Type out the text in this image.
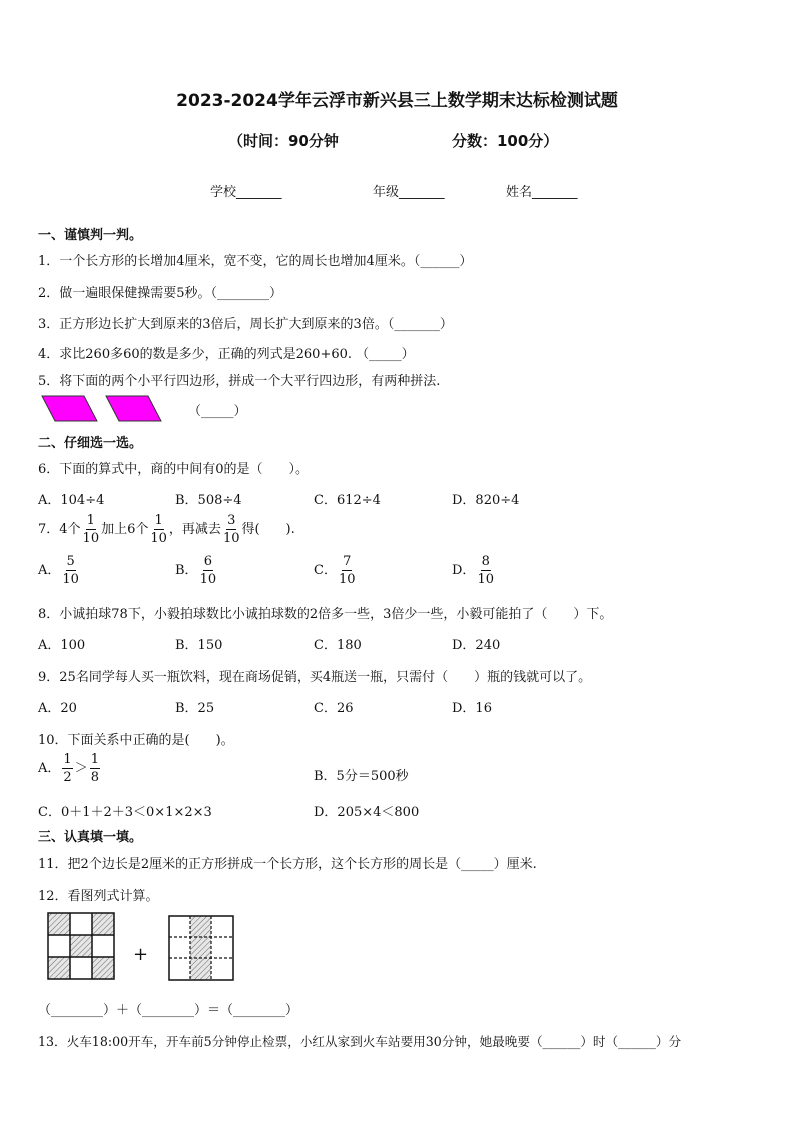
2023-2024学年云浮市新兴县三上数学期末达标检测试题
（时间：90分钟	分数：100分）
学校_______	年级_______	姓名_______
一、谨慎判一判。
1．一个长方形的长增加4厘米，宽不变，它的周长也增加4厘米。（______）
2．做一遍眼保健操需要5秒。（________）
3．正方形边长扩大到原来的3倍后，周长扩大到原来的3倍。（_______）
4．求比260多60的数是多少，正确的列式是260+60. （_____）
5．将下面的两个小平行四边形，拼成一个大平行四边形，有两种拼法.
（_____）
二、仔细选一选。
6．下面的算式中，商的中间有0的是（　　）。
A．104÷4	B．508÷4	C．612÷4	D．820÷4
7．4个 $\frac{1}{10}$ 加上6个 $\frac{1}{10}$ ，再减去 $\frac{3}{10}$ 得(　　).
A． $\frac{5}{10}$	B． $\frac{6}{10}$	C． $\frac{7}{10}$	D． $\frac{8}{10}$
8．小诚拍球78下，小毅拍球数比小诚拍球数的2倍多一些，3倍少一些，小毅可能拍了（　　）下。
A．100	B．150	C．180	D．240
9．25名同学每人买一瓶饮料，现在商场促销，买4瓶送一瓶，只需付（　　）瓶的钱就可以了。
A．20	B．25	C．26	D．16
10．下面关系中正确的是(　　)。
A． $\frac{1}{2} > \frac{1}{8}$	B．5分＝500秒
C．0＋1＋2＋3＜0×1×2×3	D．205×4＜800
三、认真填一填。
11．把2个边长是2厘米的正方形拼成一个长方形，这个长方形的周长是（_____）厘米.
12．看图列式计算。
+
（________）＋（________）＝（________）
13．火车18:00开车，开车前5分钟停止检票，小红从家到火车站要用30分钟，她最晚要（______）时（______）分
